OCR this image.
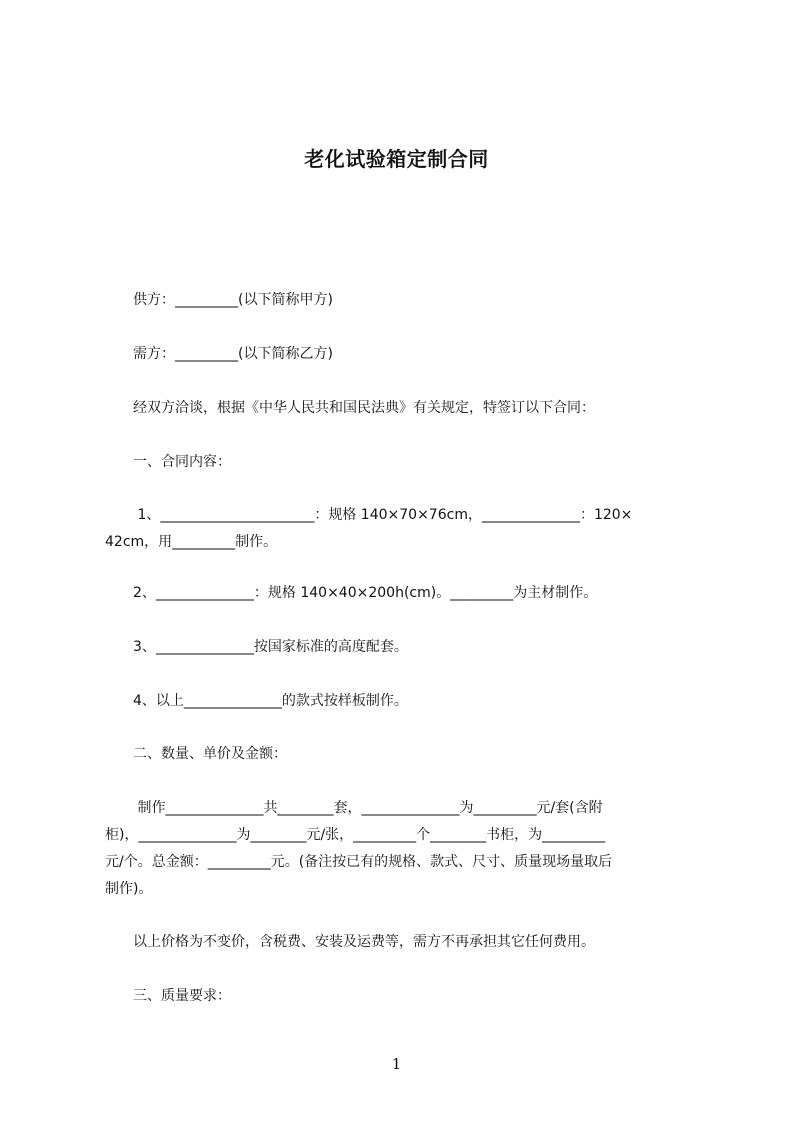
老化试验箱定制合同
　　供方：_________(以下简称甲方)
　　需方：_________(以下简称乙方)
　　经双方洽谈，根据《中华人民共和国民法典》有关规定，特签订以下合同：
　　一、合同内容：
　　 1、______________________：规格 140×70×76cm，______________：120×
42cm，用_________制作。
　　2、______________：规格 140×40×200h(cm)。_________为主材制作。
　　3、______________按国家标准的高度配套。
　　4、以上______________的款式按样板制作。
　　二、数量、单价及金额：
　　 制作______________共________套，______________为_________元/套(含附
柜)，______________为________元/张，_________个________书柜，为_________
元/个。总金额：_________元。(备注按已有的规格、款式、尺寸、质量现场量取后
制作)。
　　以上价格为不变价，含税费、安装及运费等，需方不再承担其它任何费用。
　　三、质量要求：
1
